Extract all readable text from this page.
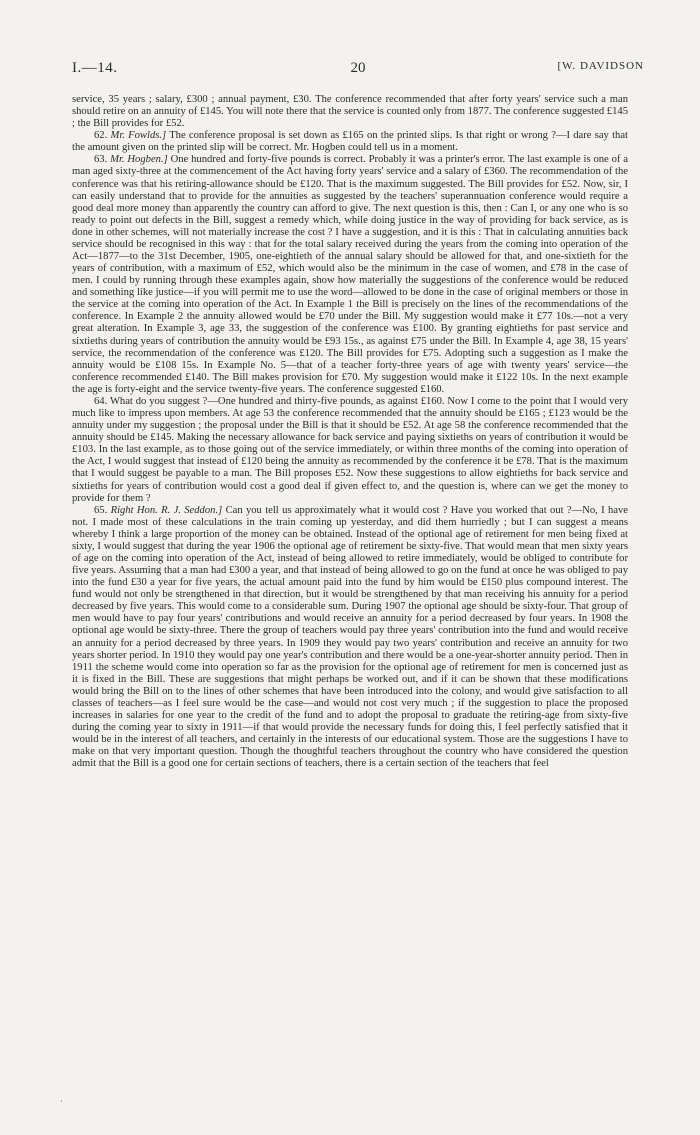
I.—14.	20	[W. DAVIDSON

service, 35 years ; salary, £300 ; annual payment, £30. The conference recommended that after forty years' service such a man should retire on an annuity of £145. You will note there that the service is counted only from 1877. The conference suggested £145 ; the Bill provides for £52.

62. Mr. Fowlds.] The conference proposal is set down as £165 on the printed slips. Is that right or wrong ?—I dare say that the amount given on the printed slip will be correct. Mr. Hogben could tell us in a moment.

63. Mr. Hogben.] One hundred and forty-five pounds is correct. Probably it was a printer's error. The last example is one of a man aged sixty-three at the commencement of the Act having forty years' service and a salary of £360. The recommendation of the conference was that his retiring-allowance should be £120. That is the maximum suggested. The Bill provides for £52. Now, sir, I can easily understand that to provide for the annuities as suggested by the teachers' superannuation conference would require a good deal more money than apparently the country can afford to give. The next question is this, then : Can I, or any one who is so ready to point out defects in the Bill, suggest a remedy which, while doing justice in the way of providing for back service, as is done in other schemes, will not materially increase the cost ? I have a suggestion, and it is this : That in calculating annuities back service should be recognised in this way : that for the total salary received during the years from the coming into operation of the Act—1877—to the 31st December, 1905, one-eightieth of the annual salary should be allowed for that, and one-sixtieth for the years of contribution, with a maximum of £52, which would also be the minimum in the case of women, and £78 in the case of men. I could by running through these examples again, show how materially the suggestions of the conference would be reduced and something like justice—if you will permit me to use the word—allowed to be done in the case of original members or those in the service at the coming into operation of the Act. In Example 1 the Bill is precisely on the lines of the recommendations of the conference. In Example 2 the annuity allowed would be £70 under the Bill. My suggestion would make it £77 10s.—not a very great alteration. In Example 3, age 33, the suggestion of the conference was £100. By granting eightieths for past service and sixtieths during years of contribution the annuity would be £93 15s., as against £75 under the Bill. In Example 4, age 38, 15 years' service, the recommendation of the conference was £120. The Bill provides for £75. Adopting such a suggestion as I make the annuity would be £108 15s. In Example No. 5—that of a teacher forty-three years of age with twenty years' service—the conference recommended £140. The Bill makes provision for £70. My suggestion would make it £122 10s. In the next example the age is forty-eight and the service twenty-five years. The conference suggested £160.

64. What do you suggest ?—One hundred and thirty-five pounds, as against £160. Now I come to the point that I would very much like to impress upon members. At age 53 the conference recommended that the annuity should be £165 ; £123 would be the annuity under my suggestion ; the proposal under the Bill is that it should be £52. At age 58 the conference recommended that the annuity should be £145. Making the necessary allowance for back service and paying sixtieths on years of contribution it would be £103. In the last example, as to those going out of the service immediately, or within three months of the coming into operation of the Act, I would suggest that instead of £120 being the annuity as recommended by the conference it be £78. That is the maximum that I would suggest be payable to a man. The Bill proposes £52. Now these suggestions to allow eightieths for back service and sixtieths for years of contribution would cost a good deal if given effect to, and the question is, where can we get the money to provide for them ?

65. Right Hon. R. J. Seddon.] Can you tell us approximately what it would cost ? Have you worked that out ?—No, I have not. I made most of these calculations in the train coming up yesterday, and did them hurriedly ; but I can suggest a means whereby I think a large proportion of the money can be obtained. Instead of the optional age of retirement for men being fixed at sixty, I would suggest that during the year 1906 the optional age of retirement be sixty-five. That would mean that men sixty years of age on the coming into operation of the Act, instead of being allowed to retire immediately, would be obliged to contribute for five years. Assuming that a man had £300 a year, and that instead of being allowed to go on the fund at once he was obliged to pay into the fund £30 a year for five years, the actual amount paid into the fund by him would be £150 plus compound interest. The fund would not only be strengthened in that direction, but it would be strengthened by that man receiving his annuity for a period decreased by five years. This would come to a considerable sum. During 1907 the optional age should be sixty-four. That group of men would have to pay four years' contributions and would receive an annuity for a period decreased by four years. In 1908 the optional age would be sixty-three. There the group of teachers would pay three years' contribution into the fund and would receive an annuity for a period decreased by three years. In 1909 they would pay two years' contribution and receive an annuity for two years shorter period. In 1910 they would pay one year's contribution and there would be a one-year-shorter annuity period. Then in 1911 the scheme would come into operation so far as the provision for the optional age of retirement for men is concerned just as it is fixed in the Bill. These are suggestions that might perhaps be worked out, and if it can be shown that these modifications would bring the Bill on to the lines of other schemes that have been introduced into the colony, and would give satisfaction to all classes of teachers—as I feel sure would be the case—and would not cost very much ; if the suggestion to place the proposed increases in salaries for one year to the credit of the fund and to adopt the proposal to graduate the retiring-age from sixty-five during the coming year to sixty in 1911—if that would provide the necessary funds for doing this, I feel perfectly satisfied that it would be in the interest of all teachers, and certainly in the interests of our educational system. Those are the suggestions I have to make on that very important question. Though the thoughtful teachers throughout the country who have considered the question admit that the Bill is a good one for certain sections of teachers, there is a certain section of the teachers that feel

·
